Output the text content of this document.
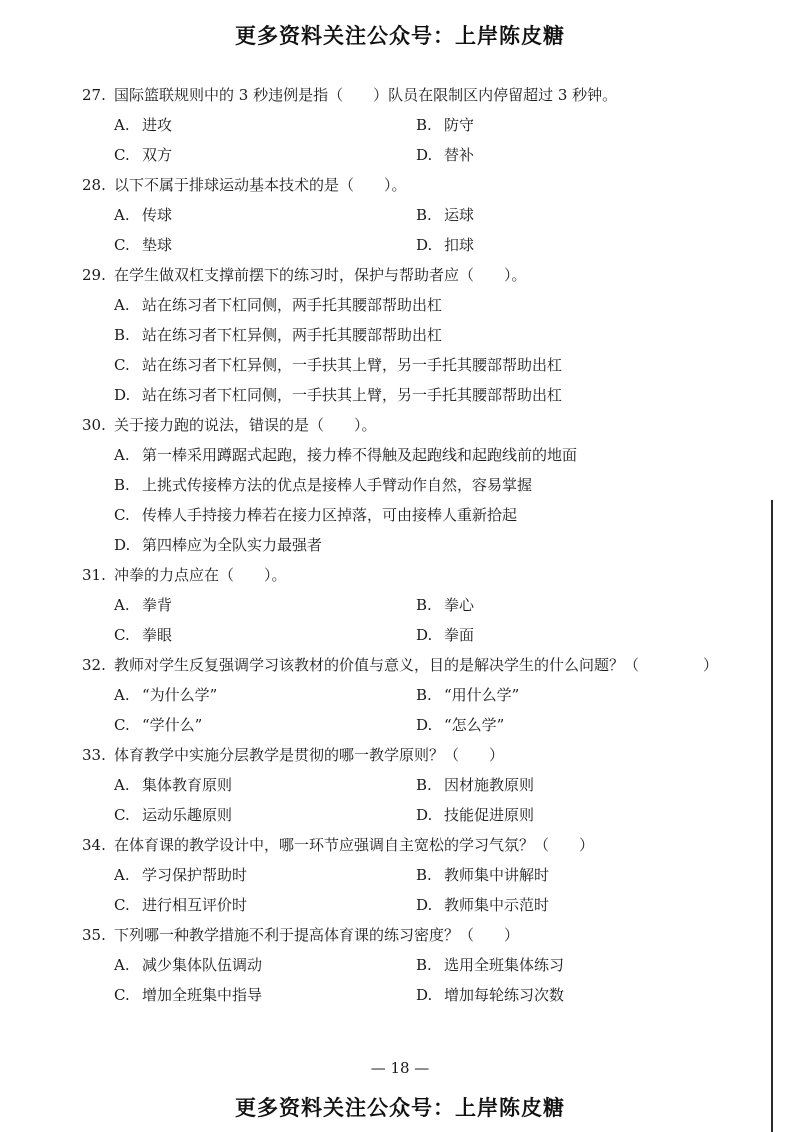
更多资料关注公众号：上岸陈皮糖
27. 国际篮联规则中的 3 秒违例是指（　　）队员在限制区内停留超过 3 秒钟。
A. 进攻	B. 防守
C. 双方	D. 替补
28. 以下不属于排球运动基本技术的是（　　）。
A. 传球	B. 运球
C. 垫球	D. 扣球
29. 在学生做双杠支撑前摆下的练习时，保护与帮助者应（　　）。
A. 站在练习者下杠同侧，两手托其腰部帮助出杠
B. 站在练习者下杠异侧，两手托其腰部帮助出杠
C. 站在练习者下杠异侧，一手扶其上臂，另一手托其腰部帮助出杠
D. 站在练习者下杠同侧，一手扶其上臂，另一手托其腰部帮助出杠
30. 关于接力跑的说法，错误的是（　　）。
A. 第一棒采用蹲踞式起跑，接力棒不得触及起跑线和起跑线前的地面
B. 上挑式传接棒方法的优点是接棒人手臂动作自然，容易掌握
C. 传棒人手持接力棒若在接力区掉落，可由接棒人重新拾起
D. 第四棒应为全队实力最强者
31. 冲拳的力点应在（　　）。
A. 拳背	B. 拳心
C. 拳眼	D. 拳面
32. 教师对学生反复强调学习该教材的价值与意义，目的是解决学生的什么问题？（	）
A. “为什么学”	B. “用什么学”
C. “学什么”	D. “怎么学”
33. 体育教学中实施分层教学是贯彻的哪一教学原则？（　　）
A. 集体教育原则	B. 因材施教原则
C. 运动乐趣原则	D. 技能促进原则
34. 在体育课的教学设计中，哪一环节应强调自主宽松的学习气氛？（　　）
A. 学习保护帮助时	B. 教师集中讲解时
C. 进行相互评价时	D. 教师集中示范时
35. 下列哪一种教学措施不利于提高体育课的练习密度？（　　）
A. 减少集体队伍调动	B. 选用全班集体练习
C. 增加全班集中指导	D. 增加每轮练习次数
— 18 —
更多资料关注公众号：上岸陈皮糖
